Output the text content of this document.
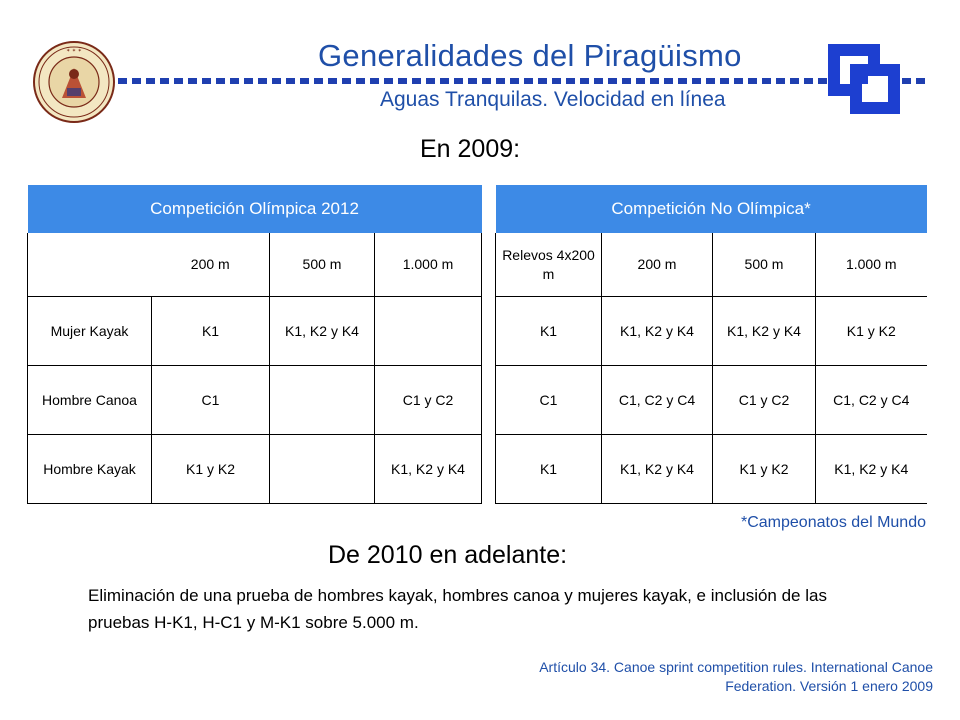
✶ ✶ ✶	Generalidades del Piragüismo
Aguas Tranquilas. Velocidad en línea
En 2009:
Competición Olímpica 2012			
	200 m	500 m	1.000 m
Mujer Kayak	K1	K1, K2 y K4	
Hombre Canoa	C1		C1 y C2
Hombre Kayak	K1 y K2		K1, K2 y K4
Competición No Olímpica*			
Relevos 4x200 m	200 m	500 m	1.000 m
K1	K1, K2 y K4	K1, K2 y K4	K1 y K2
C1	C1, C2 y C4	C1 y C2	C1, C2 y C4
K1	K1, K2 y K4	K1 y K2	K1, K2 y K4
*Campeonatos del Mundo
De 2010 en adelante:
Eliminación de una prueba de hombres kayak, hombres canoa y mujeres kayak, e inclusión de las pruebas H-K1, H-C1 y M-K1 sobre 5.000 m.
Artículo 34. Canoe sprint competition rules. International Canoe Federation. Versión 1 enero 2009
